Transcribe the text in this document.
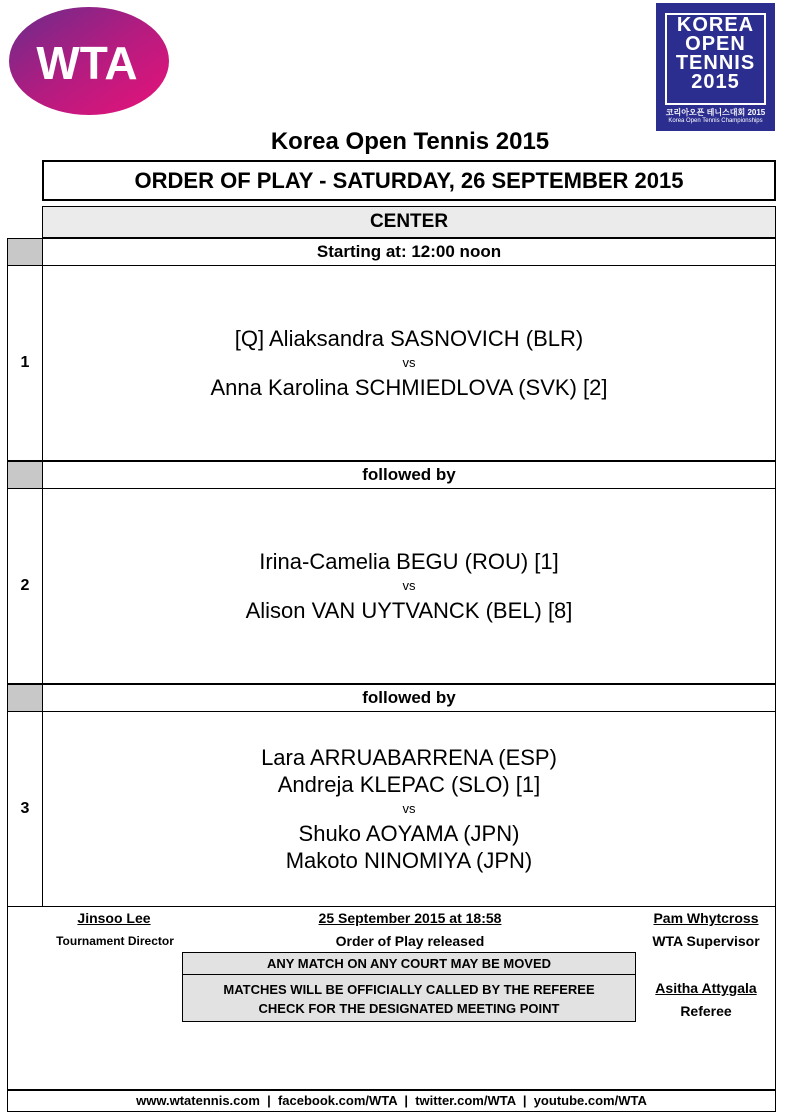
WTA
KOREA
OPEN
TENNIS
2015
코리아오픈 테니스대회 2015
Korea Open Tennis Championships
Korea Open Tennis 2015
ORDER OF PLAY - SATURDAY, 26 SEPTEMBER 2015
CENTER
Starting at: 12:00 noon
1
[Q] Aliaksandra SASNOVICH (BLR)
vs
Anna Karolina SCHMIEDLOVA (SVK) [2]
followed by
2
Irina-Camelia BEGU (ROU) [1]
vs
Alison VAN UYTVANCK (BEL) [8]
followed by
3
Lara ARRUABARRENA (ESP)
Andreja KLEPAC (SLO) [1]
vs
Shuko AOYAMA (JPN)
Makoto NINOMIYA (JPN)
Jinsoo Lee
Tournament Director
25 September 2015 at 18:58
Order of Play released
ANY MATCH ON ANY COURT MAY BE MOVED
MATCHES WILL BE OFFICIALLY CALLED BY THE REFEREE
CHECK FOR THE DESIGNATED MEETING POINT
Pam Whytcross
WTA Supervisor
Asitha Attygala
Referee
www.wtatennis.com  |  facebook.com/WTA  |  twitter.com/WTA  |  youtube.com/WTA
